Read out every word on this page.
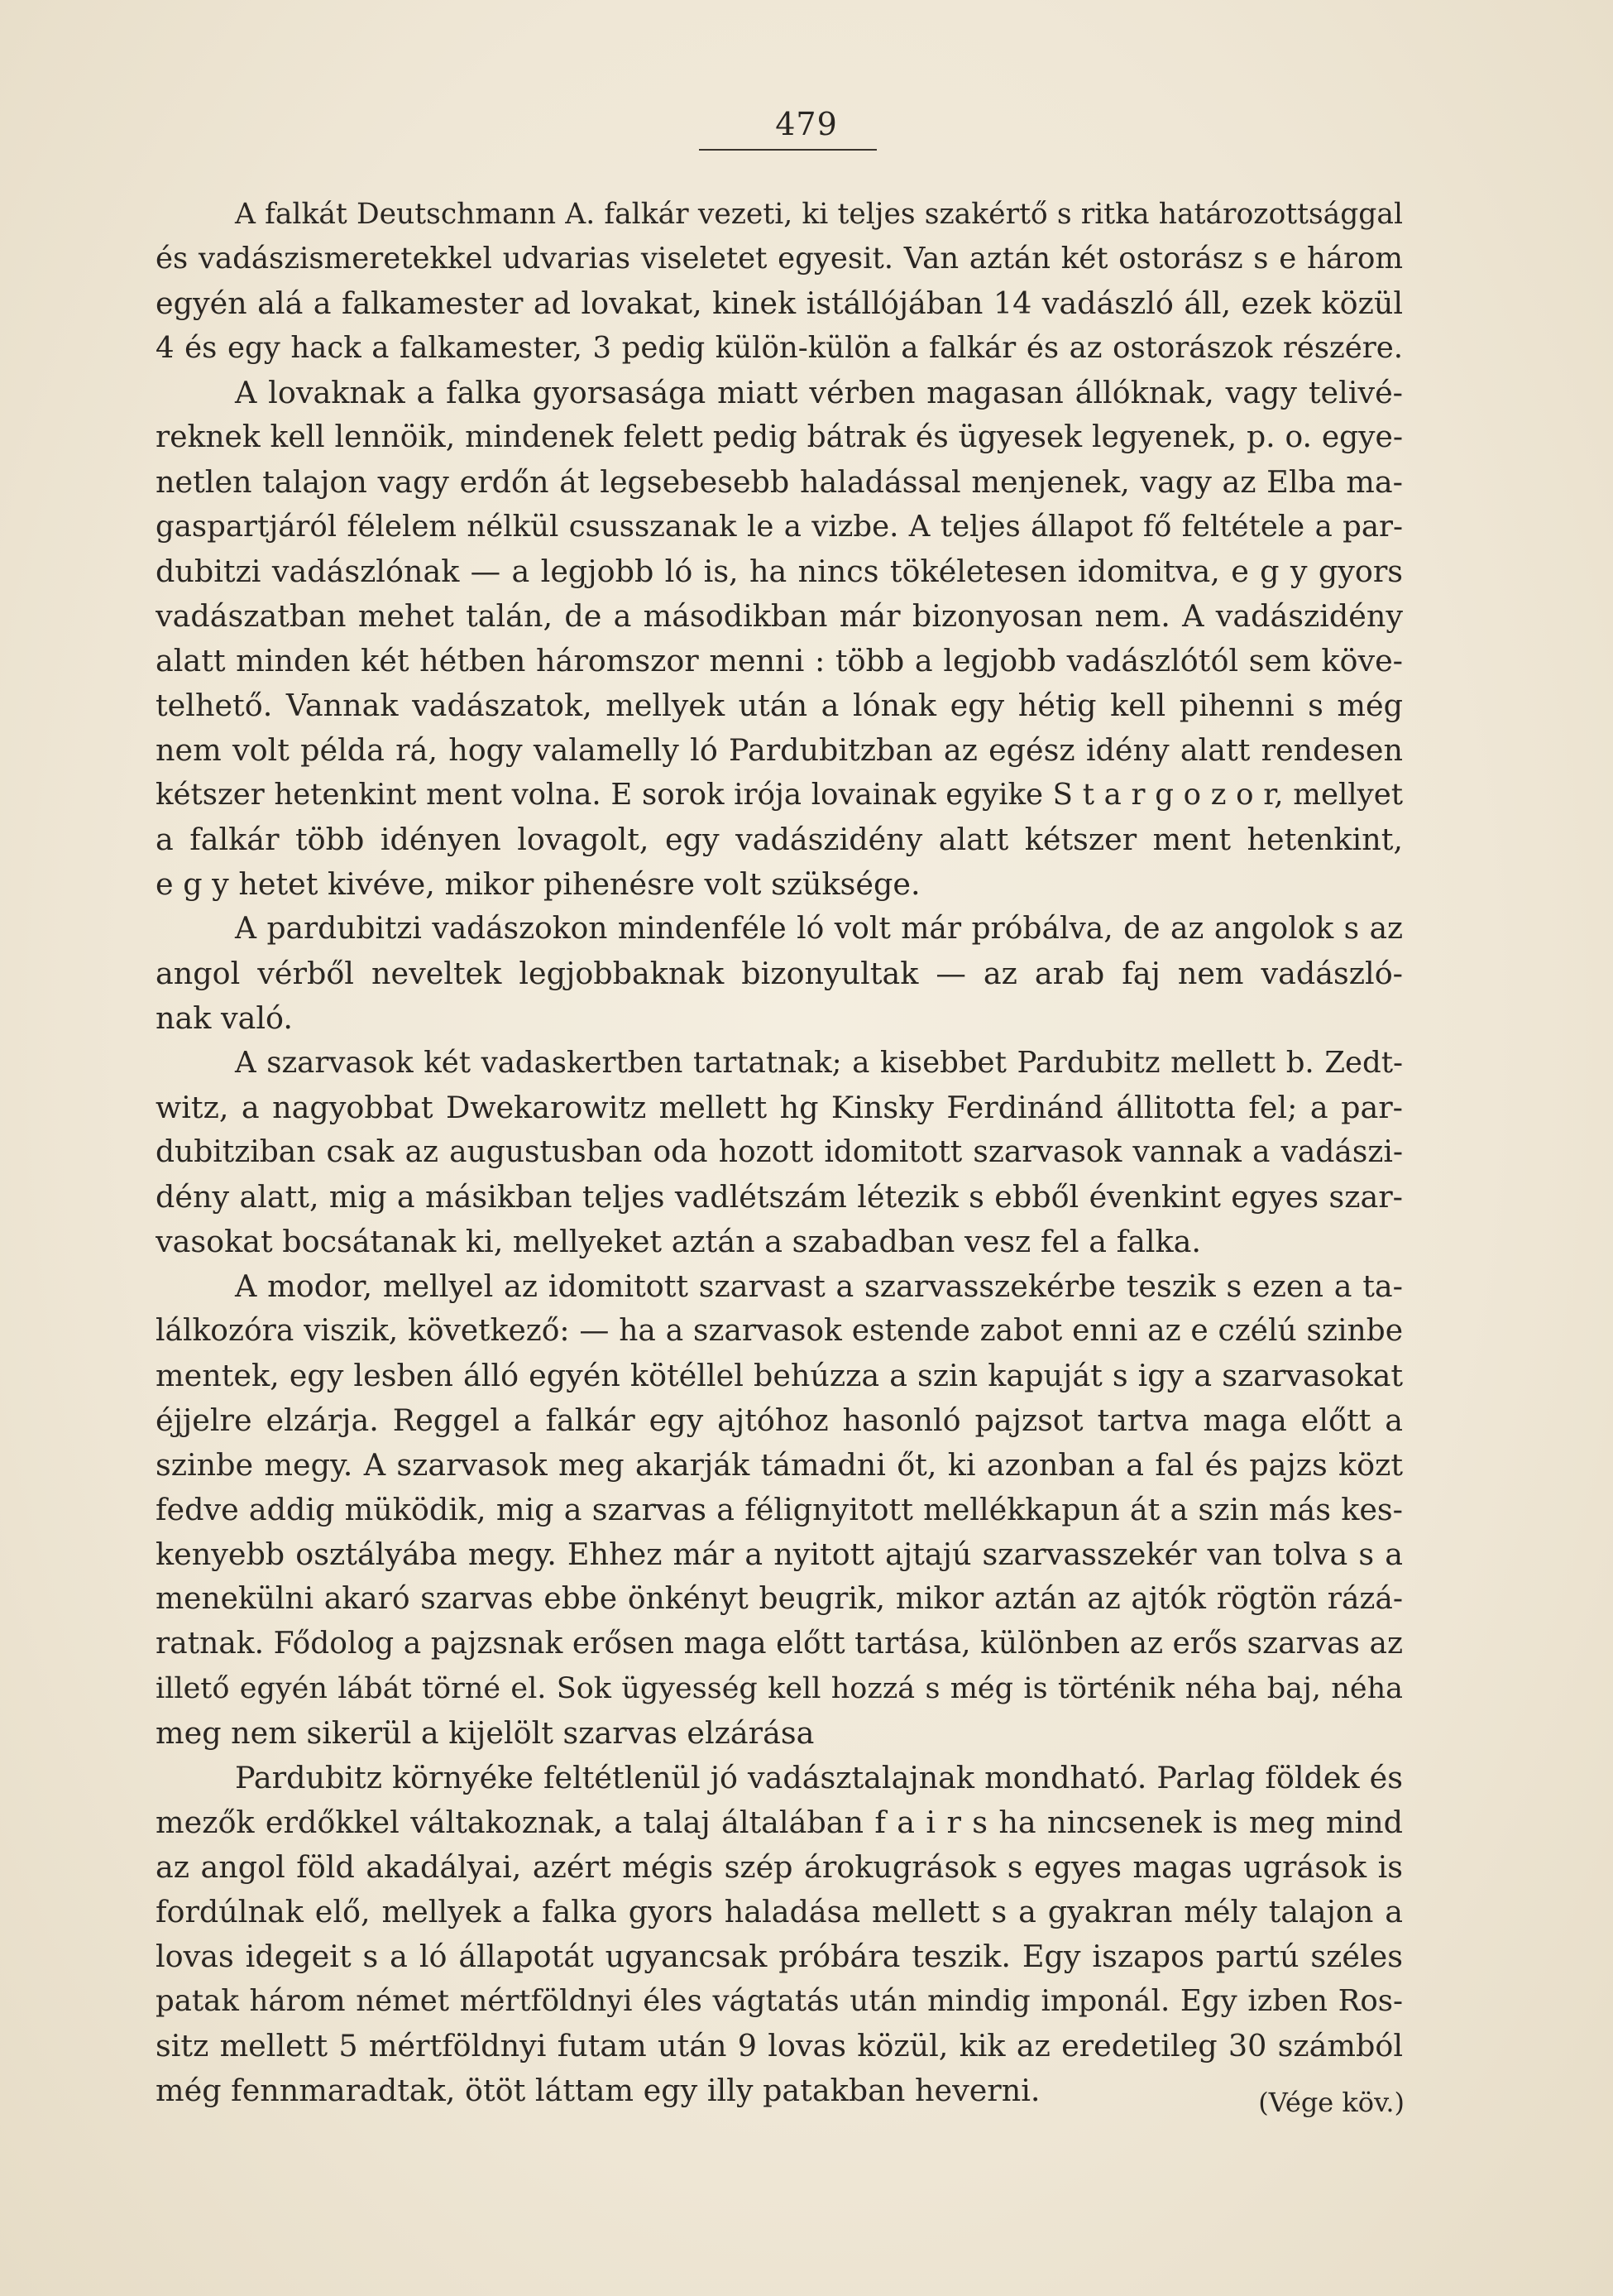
479
A falkát Deutschmann A. falkár vezeti, ki teljes szakértő s ritka határozottsággal
és vadászismeretekkel udvarias viseletet egyesit. Van aztán két ostorász s e három
egyén alá a falkamester ad lovakat, kinek istállójában 14 vadászló áll, ezek közül
4 és egy hack a falkamester, 3 pedig külön-külön a falkár és az ostorászok részére.
A lovaknak a falka gyorsasága miatt vérben magasan állóknak, vagy telivé-
reknek kell lennöik, mindenek felett pedig bátrak és ügyesek legyenek, p. o. egye-
netlen talajon vagy erdőn át legsebesebb haladással menjenek, vagy az Elba ma-
gaspartjáról félelem nélkül csusszanak le a vizbe. A teljes állapot fő feltétele a par-
dubitzi vadászlónak — a legjobb ló is, ha nincs tökéletesen idomitva, e g y gyors
vadászatban mehet talán, de a másodikban már bizonyosan nem. A vadászidény
alatt minden két hétben háromszor menni : több a legjobb vadászlótól sem köve-
telhető. Vannak vadászatok, mellyek után a lónak egy hétig kell pihenni s még
nem volt példa rá, hogy valamelly ló Pardubitzban az egész idény alatt rendesen
kétszer hetenkint ment volna. E sorok irója lovainak egyike S t a r g o z o r, mellyet
a falkár több idényen lovagolt, egy vadászidény alatt kétszer ment hetenkint,
e g y hetet kivéve, mikor pihenésre volt szüksége.
A pardubitzi vadászokon mindenféle ló volt már próbálva, de az angolok s az
angol vérből neveltek legjobbaknak bizonyultak — az arab faj nem vadászló-
nak való.
A szarvasok két vadaskertben tartatnak; a kisebbet Pardubitz mellett b. Zedt-
witz, a nagyobbat Dwekarowitz mellett hg Kinsky Ferdinánd állitotta fel; a par-
dubitziban csak az augustusban oda hozott idomitott szarvasok vannak a vadászi-
dény alatt, mig a másikban teljes vadlétszám létezik s ebből évenkint egyes szar-
vasokat bocsátanak ki, mellyeket aztán a szabadban vesz fel a falka.
A modor, mellyel az idomitott szarvast a szarvasszekérbe teszik s ezen a ta-
lálkozóra viszik, következő: — ha a szarvasok estende zabot enni az e czélú szinbe
mentek, egy lesben álló egyén kötéllel behúzza a szin kapuját s igy a szarvasokat
éjjelre elzárja. Reggel a falkár egy ajtóhoz hasonló pajzsot tartva maga előtt a
szinbe megy. A szarvasok meg akarják támadni őt, ki azonban a fal és pajzs közt
fedve addig müködik, mig a szarvas a félignyitott mellékkapun át a szin más kes-
kenyebb osztályába megy. Ehhez már a nyitott ajtajú szarvasszekér van tolva s a
menekülni akaró szarvas ebbe önkényt beugrik, mikor aztán az ajtók rögtön rázá-
ratnak. Fődolog a pajzsnak erősen maga előtt tartása, különben az erős szarvas az
illető egyén lábát törné el. Sok ügyesség kell hozzá s még is történik néha baj, néha
meg nem sikerül a kijelölt szarvas elzárása
Pardubitz környéke feltétlenül jó vadásztalajnak mondható. Parlag földek és
mezők erdőkkel váltakoznak, a talaj általában f a i r s ha nincsenek is meg mind
az angol föld akadályai, azért mégis szép árokugrások s egyes magas ugrások is
fordúlnak elő, mellyek a falka gyors haladása mellett s a gyakran mély talajon a
lovas idegeit s a ló állapotát ugyancsak próbára teszik. Egy iszapos partú széles
patak három német mértföldnyi éles vágtatás után mindig imponál. Egy izben Ros-
sitz mellett 5 mértföldnyi futam után 9 lovas közül, kik az eredetileg 30 számból
még fennmaradtak, ötöt láttam egy illy patakban heverni.	(Vége köv.)
